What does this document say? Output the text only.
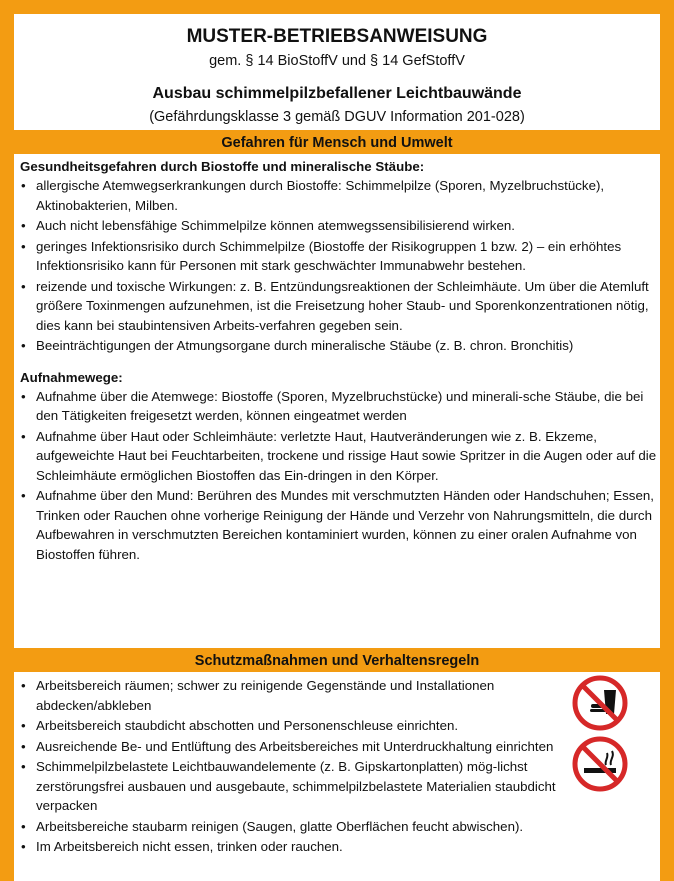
MUSTER-BETRIEBSANWEISUNG
gem. § 14 BioStoffV und § 14 GefStoffV
Ausbau schimmelpilzbefallener Leichtbauwände
(Gefährdungsklasse 3 gemäß DGUV Information 201-028)
Gefahren für Mensch und Umwelt
Gesundheitsgefahren durch Biostoffe und mineralische Stäube:
• allergische Atemwegserkrankungen durch Biostoffe: Schimmelpilze (Sporen, Myzelbruchstücke), Aktinobakterien, Milben.
• Auch nicht lebensfähige Schimmelpilze können atemwegssensibilisierend wirken.
• geringes Infektionsrisiko durch Schimmelpilze (Biostoffe der Risikogruppen 1 bzw. 2) – ein erhöhtes Infektionsrisiko kann für Personen mit stark geschwächter Immunabwehr bestehen.
• reizende und toxische Wirkungen: z. B. Entzündungsreaktionen der Schleimhäute. Um über die Atemluft größere Toxinmengen aufzunehmen, ist die Freisetzung hoher Staub- und Sporenkonzentrationen nötig, dies kann bei staubintensiven Arbeits-verfahren gegeben sein.
• Beeinträchtigungen der Atmungsorgane durch mineralische Stäube (z. B. chron. Bronchitis)
Aufnahmewege:
• Aufnahme über die Atemwege: Biostoffe (Sporen, Myzelbruchstücke) und minerali-sche Stäube, die bei den Tätigkeiten freigesetzt werden, können eingeatmet werden
• Aufnahme über Haut oder Schleimhäute: verletzte Haut, Hautveränderungen wie z. B. Ekzeme, aufgeweichte Haut bei Feuchtarbeiten, trockene und rissige Haut sowie Spritzer in die Augen oder auf die Schleimhäute ermöglichen Biostoffen das Ein-dringen in den Körper.
• Aufnahme über den Mund: Berühren des Mundes mit verschmutzten Händen oder Handschuhen; Essen, Trinken oder Rauchen ohne vorherige Reinigung der Hände und Verzehr von Nahrungsmitteln, die durch Aufbewahren in verschmutzten Bereichen kontaminiert wurden, können zu einer oralen Aufnahme von Biostoffen führen.
Schutzmaßnahmen und Verhaltensregeln
• Arbeitsbereich räumen; schwer zu reinigende Gegenstände und Installationen abdecken/abkleben
• Arbeitsbereich staubdicht abschotten und Personenschleuse einrichten.
• Ausreichende Be- und Entlüftung des Arbeitsbereiches mit Unterdruckhaltung einrichten
• Schimmelpilzbelastete Leichtbauwandelemente (z. B. Gipskartonplatten) mög-lichst zerstörungsfrei ausbauen und ausgebaute, schimmelpilzbelastete Materialien staubdicht verpacken
• Arbeitsbereiche staubarm reinigen (Saugen, glatte Oberflächen feucht abwischen).
• Im Arbeitsbereich nicht essen, trinken oder rauchen.
